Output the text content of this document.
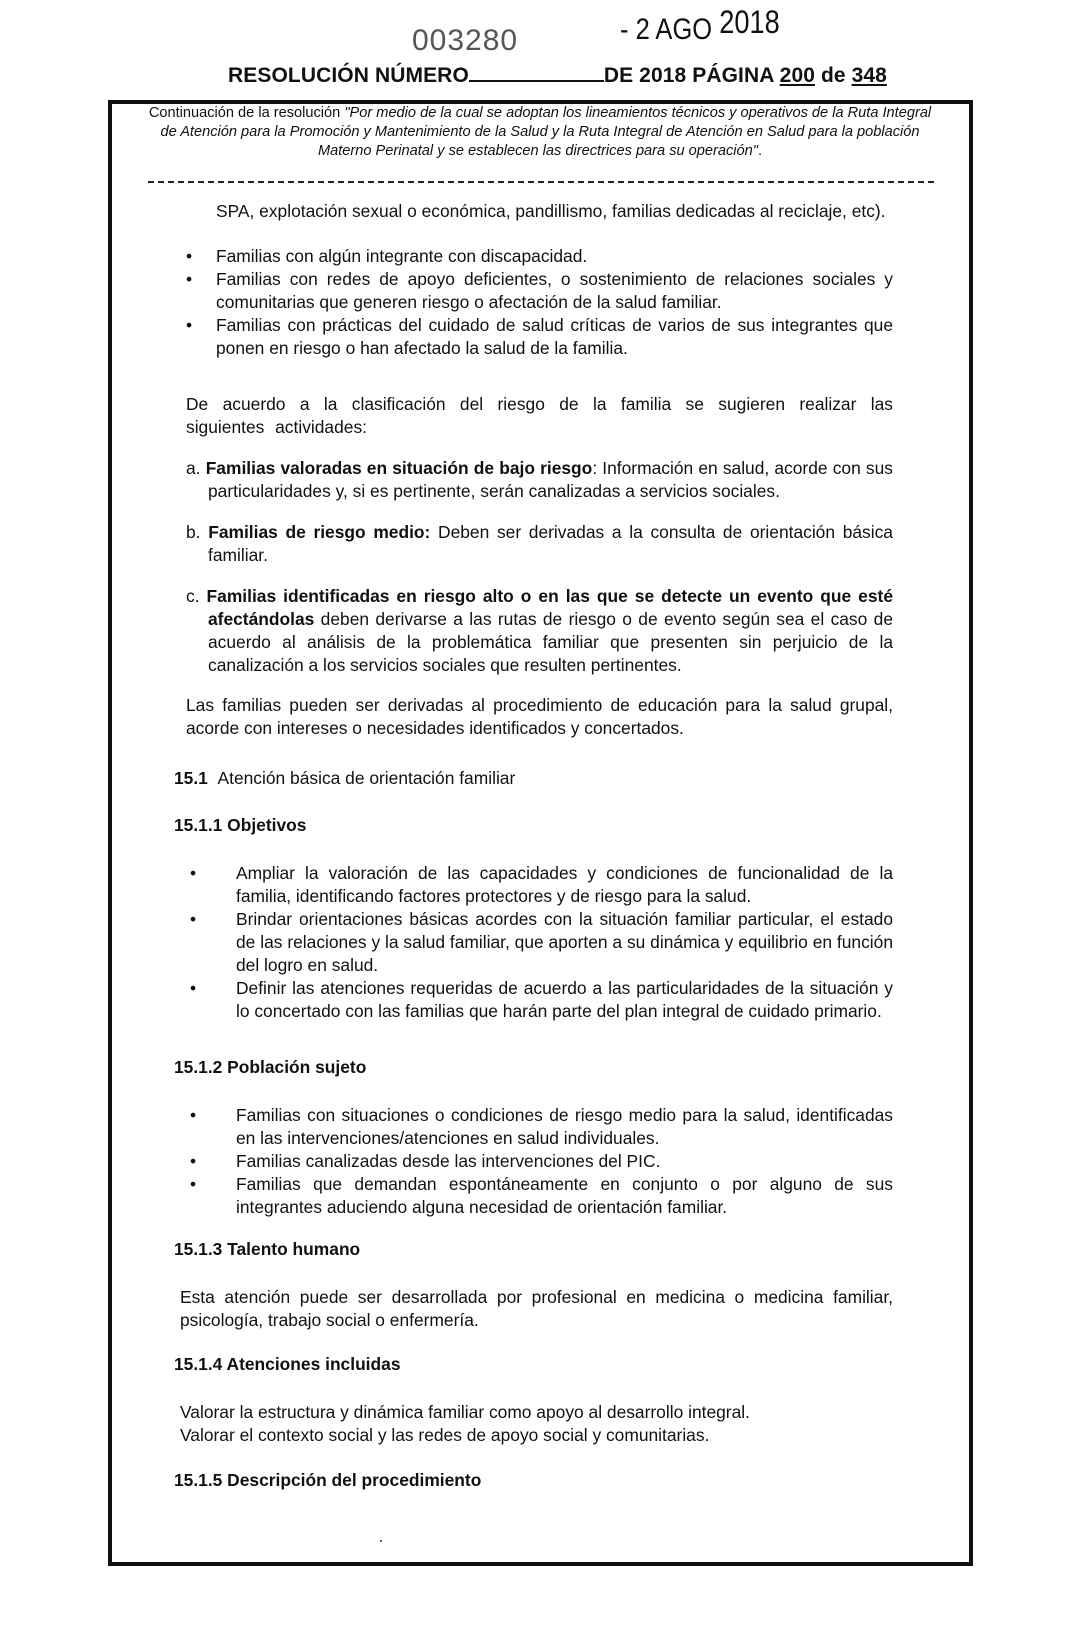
003280	- 2 AGO 2018
RESOLUCIÓN NÚMERO	DE 2018 PÁGINA 200 de 348
Continuación de la resolución "Por medio de la cual se adoptan los lineamientos técnicos y operativos de la Ruta Integral de Atención para la Promoción y Mantenimiento de la Salud y la Ruta Integral de Atención en Salud para la población Materno Perinatal y se establecen las directrices para su operación".
SPA, explotación sexual o económica, pandillismo, familias dedicadas al reciclaje, etc).
• Familias con algún integrante con discapacidad.
• Familias con redes de apoyo deficientes, o sostenimiento de relaciones sociales y comunitarias que generen riesgo o afectación de la salud familiar.
• Familias con prácticas del cuidado de salud críticas de varios de sus integrantes que ponen en riesgo o han afectado la salud de la familia.
De acuerdo a la clasificación del riesgo de la familia se sugieren realizar las siguientes actividades:
a. Familias valoradas en situación de bajo riesgo: Información en salud, acorde con sus particularidades y, si es pertinente, serán canalizadas a servicios sociales.
b. Familias de riesgo medio: Deben ser derivadas a la consulta de orientación básica familiar.
c. Familias identificadas en riesgo alto o en las que se detecte un evento que esté afectándolas deben derivarse a las rutas de riesgo o de evento según sea el caso de acuerdo al análisis de la problemática familiar que presenten sin perjuicio de la canalización a los servicios sociales que resulten pertinentes.
Las familias pueden ser derivadas al procedimiento de educación para la salud grupal, acorde con intereses o necesidades identificados y concertados.
15.1 Atención básica de orientación familiar
15.1.1 Objetivos
• Ampliar la valoración de las capacidades y condiciones de funcionalidad de la familia, identificando factores protectores y de riesgo para la salud.
• Brindar orientaciones básicas acordes con la situación familiar particular, el estado de las relaciones y la salud familiar, que aporten a su dinámica y equilibrio en función del logro en salud.
• Definir las atenciones requeridas de acuerdo a las particularidades de la situación y lo concertado con las familias que harán parte del plan integral de cuidado primario.
15.1.2 Población sujeto
• Familias con situaciones o condiciones de riesgo medio para la salud, identificadas en las intervenciones/atenciones en salud individuales.
• Familias canalizadas desde las intervenciones del PIC.
• Familias que demandan espontáneamente en conjunto o por alguno de sus integrantes aduciendo alguna necesidad de orientación familiar.
15.1.3 Talento humano
Esta atención puede ser desarrollada por profesional en medicina o medicina familiar, psicología, trabajo social o enfermería.
15.1.4 Atenciones incluidas
Valorar la estructura y dinámica familiar como apoyo al desarrollo integral.
Valorar el contexto social y las redes de apoyo social y comunitarias.
15.1.5 Descripción del procedimiento
